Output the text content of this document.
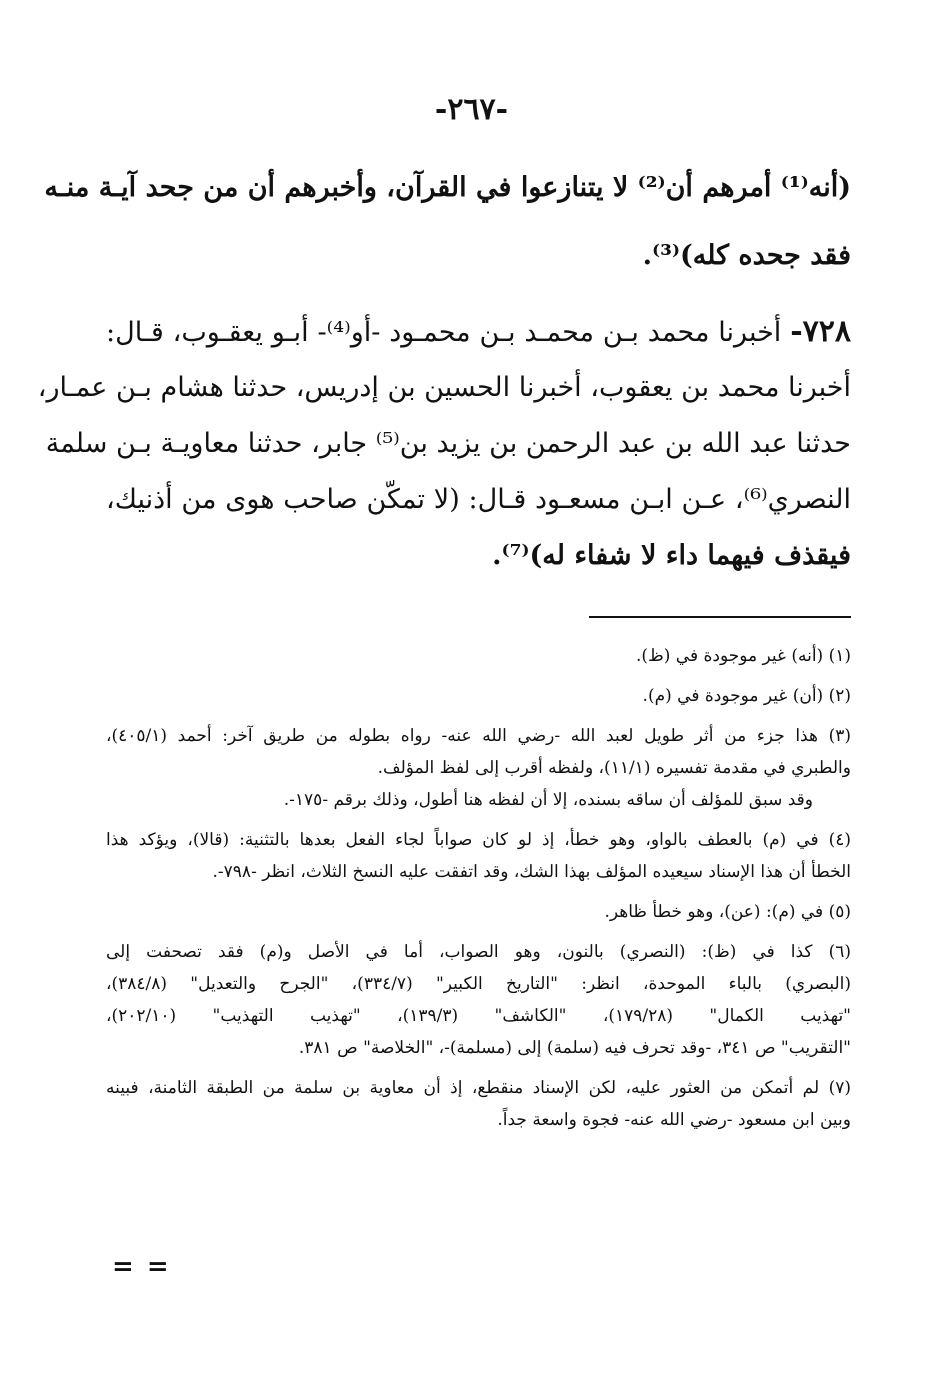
-٢٦٧-
(أنه⁽¹⁾ أمرهم أن⁽²⁾ لا يتنازعوا في القرآن، وأخبرهم أن من جحد آيـة منـه
فقد جحده كله)⁽³⁾.
٧٢٨- أخبرنا محمد بـن محمـد بـن محمـود -أو⁽⁴⁾- أبـو يعقـوب، قـال:
أخبرنا محمد بن يعقوب، أخبرنا الحسين بن إدريس، حدثنا هشام بـن عمـار،
حدثنا عبد الله بن عبد الرحمن بن يزيد بن⁽⁵⁾ جابر، حدثنا معاويـة بـن سلمة
النصري⁽⁶⁾، عـن ابـن مسعـود قـال: (لا تمكّن صاحب هوى من أذنيك،
فيقذف فيهما داء لا شفاء له)⁽⁷⁾.
(١) (أنه) غير موجودة في (ظ).
(٢) (أن) غير موجودة في (م).
(٣) هذا جزء من أثر طويل لعبد الله -رضي الله عنه- رواه بطوله من طريق آخر: أحمد (٤٠٥/١)،
والطبري في مقدمة تفسيره (١١/١)، ولفظه أقرب إلى لفظ المؤلف.
وقد سبق للمؤلف أن ساقه بسنده، إلا أن لفظه هنا أطول، وذلك برقم -١٧٥-.
(٤) في (م) بالعطف بالواو، وهو خطأ، إذ لو كان صواباً لجاء الفعل بعدها بالتثنية: (قالا)، ويؤكد هذا
الخطأ أن هذا الإسناد سيعيده المؤلف بهذا الشك، وقد اتفقت عليه النسخ الثلاث، انظر -٧٩٨-.
(٥) في (م): (عن)، وهو خطأ ظاهر.
(٦) كذا في (ظ): (النصري) بالنون، وهو الصواب، أما في الأصل و(م) فقد تصحفت إلى
(البصري) بالباء الموحدة، انظر: "التاريخ الكبير" (٣٣٤/٧)، "الجرح والتعديل" (٣٨٤/٨)،
"تهذيب الكمال" (١٧٩/٢٨)، "الكاشف" (١٣٩/٣)، "تهذيب التهذيب" (٢٠٢/١٠)،
"التقريب" ص ٣٤١، -وقد تحرف فيه (سلمة) إلى (مسلمة)-، "الخلاصة" ص ٣٨١.
(٧) لم أتمكن من العثور عليه، لكن الإسناد منقطع، إذ أن معاوية بن سلمة من الطبقة الثامنة، فبينه
وبين ابن مسعود -رضي الله عنه- فجوة واسعة جداً.
= =
